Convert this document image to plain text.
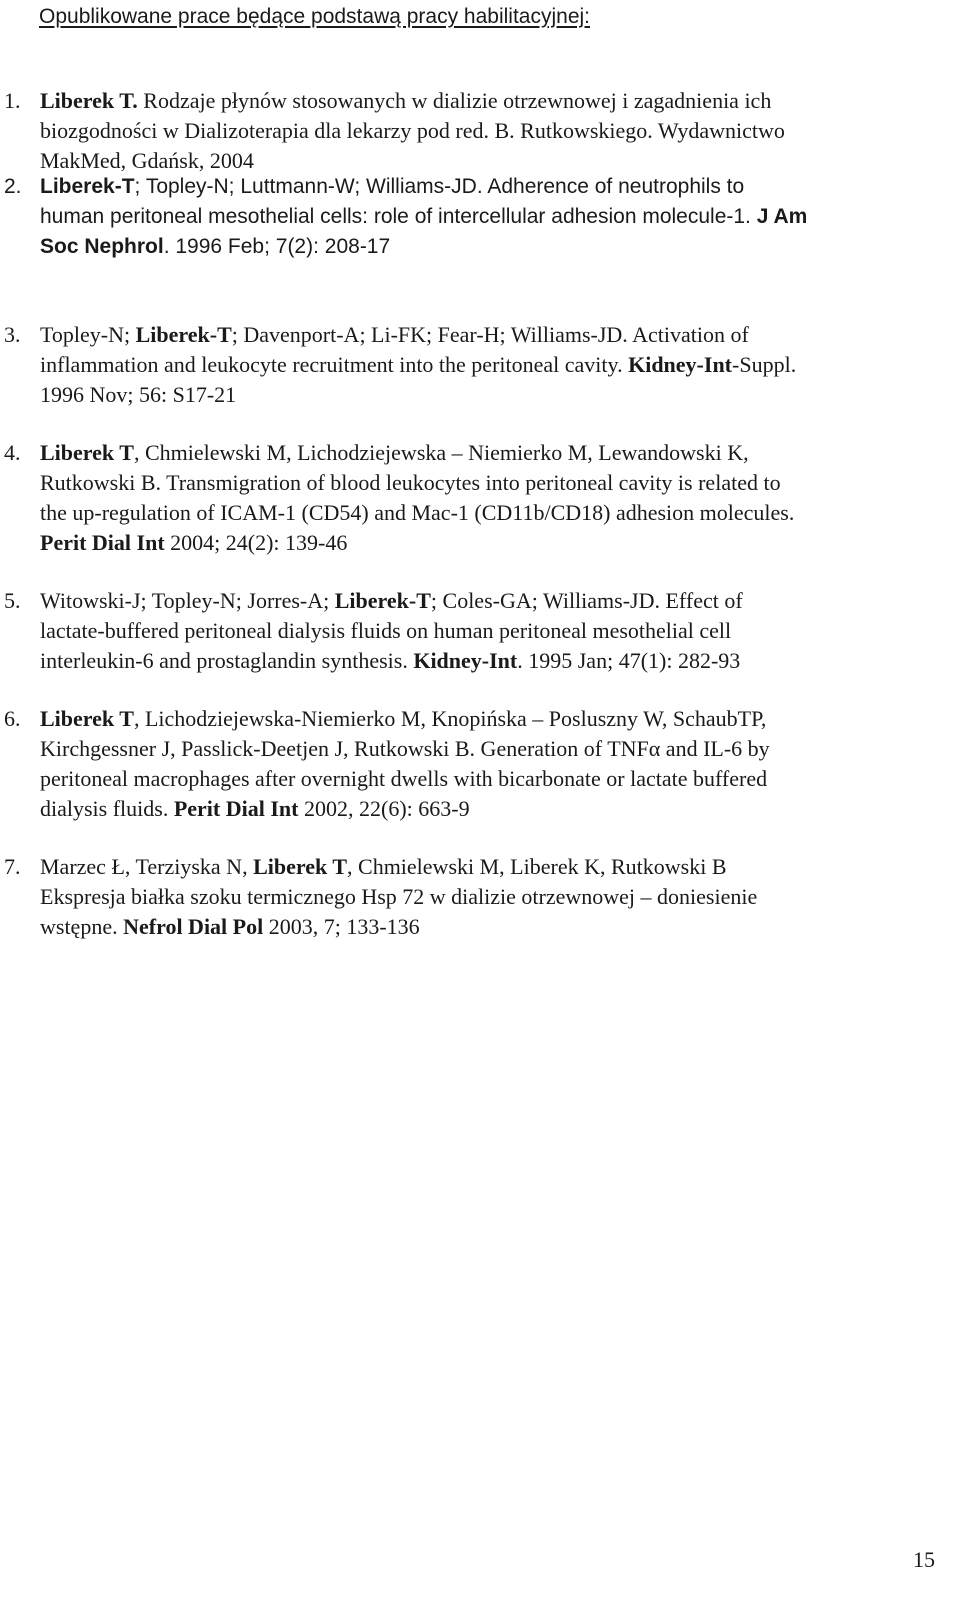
Opublikowane prace będące podstawą pracy habilitacyjnej:
1. Liberek T. Rodzaje płynów stosowanych w dializie otrzewnowej i zagadnienia ich
biozgodności w Dializoterapia dla lekarzy pod red. B. Rutkowskiego. Wydawnictwo
MakMed, Gdańsk, 2004
2. Liberek-T; Topley-N; Luttmann-W; Williams-JD. Adherence of neutrophils to
human peritoneal mesothelial cells: role of intercellular adhesion molecule-1. J Am
Soc Nephrol. 1996 Feb; 7(2): 208-17
3. Topley-N; Liberek-T; Davenport-A; Li-FK; Fear-H; Williams-JD. Activation of
inflammation and leukocyte recruitment into the peritoneal cavity. Kidney-Int-Suppl.
1996 Nov; 56: S17-21
4. Liberek T, Chmielewski M, Lichodziejewska – Niemierko M, Lewandowski K,
Rutkowski B. Transmigration of blood leukocytes into peritoneal cavity is related to
the up-regulation of ICAM-1 (CD54) and Mac-1 (CD11b/CD18) adhesion molecules.
Perit Dial Int 2004; 24(2): 139-46
5. Witowski-J; Topley-N; Jorres-A; Liberek-T; Coles-GA; Williams-JD. Effect of
lactate-buffered peritoneal dialysis fluids on human peritoneal mesothelial cell
interleukin-6 and prostaglandin synthesis. Kidney-Int. 1995 Jan; 47(1): 282-93
6. Liberek T, Lichodziejewska-Niemierko M, Knopińska – Posluszny W, SchaubTP,
Kirchgessner J, Passlick-Deetjen J, Rutkowski B. Generation of TNFα and IL-6 by
peritoneal macrophages after overnight dwells with bicarbonate or lactate buffered
dialysis fluids. Perit Dial Int 2002, 22(6): 663-9
7. Marzec Ł, Terziyska N, Liberek T, Chmielewski M, Liberek K, Rutkowski B
Ekspresja białka szoku termicznego Hsp 72 w dializie otrzewnowej – doniesienie
wstępne. Nefrol Dial Pol 2003, 7; 133-136
15
